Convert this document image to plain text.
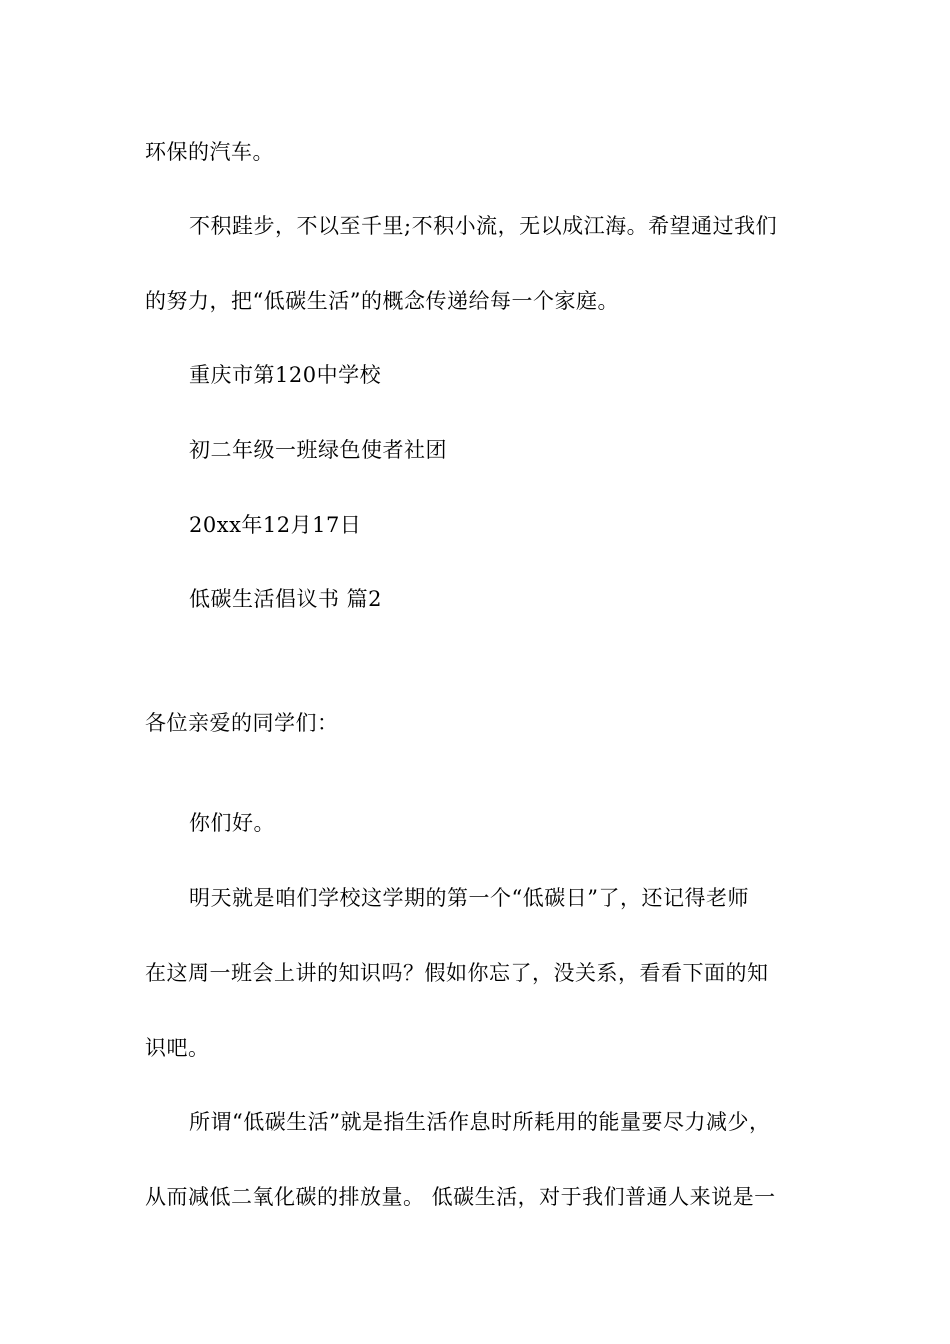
环保的汽车。
不积跬步，不以至千里;不积小流，无以成江海。希望通过我们
的努力，把“低碳生活”的概念传递给每一个家庭。
重庆市第120中学校
初二年级一班绿色使者社团
20xx年12月17日
低碳生活倡议书 篇2
各位亲爱的同学们：
你们好。
明天就是咱们学校这学期的第一个“低碳日”了，还记得老师
在这周一班会上讲的知识吗？假如你忘了，没关系，看看下面的知
识吧。
所谓“低碳生活”就是指生活作息时所耗用的能量要尽力减少，
从而减低二氧化碳的排放量。 低碳生活，对于我们普通人来说是一
